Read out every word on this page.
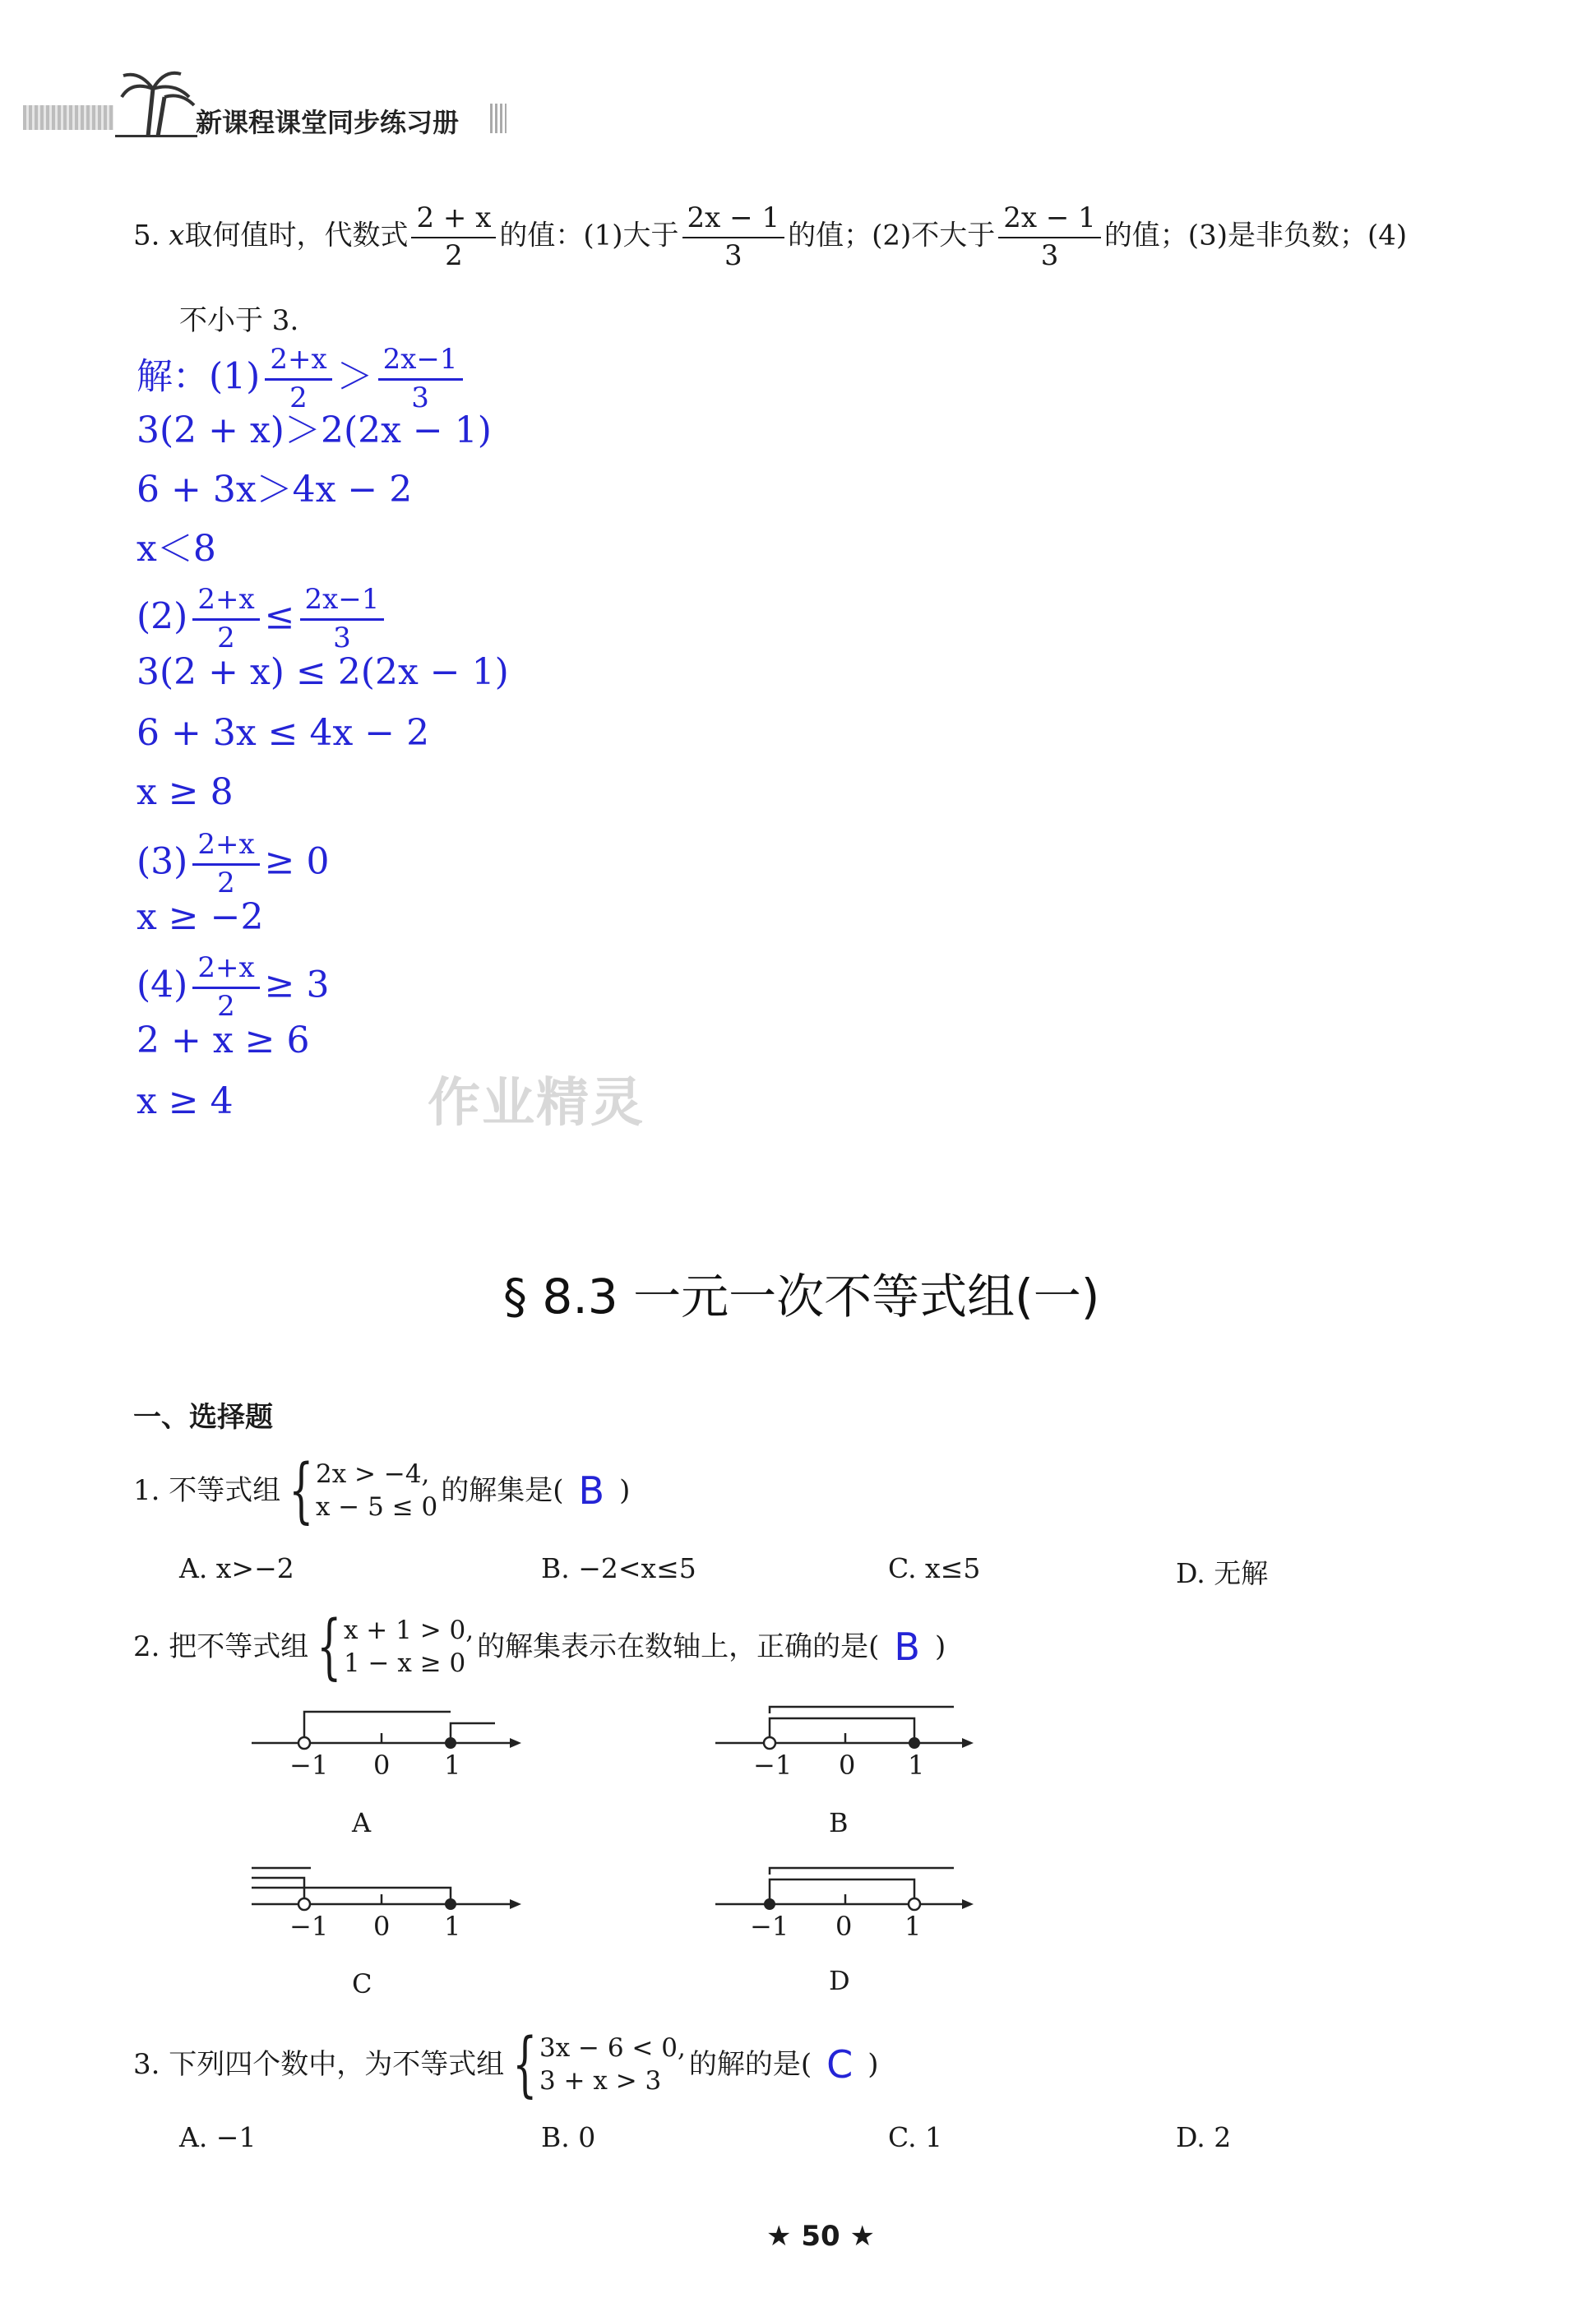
新课程课堂同步练习册
5. x取何值时，代数式 $\frac{2 + x}{2}$ 的值：(1)大于 $\frac{2x - 1}{3}$ 的值；(2)不大于 $\frac{2x - 1}{3}$ 的值；(3)是非负数；(4)
不小于 3.
解：$(1) \frac{2+x}{2} > \frac{2x-1}{3}$
3(2 + x)＞2(2x − 1)
6 + 3x＞4x − 2
x＜8
$(2) \frac{2+x}{2} \le \frac{2x-1}{3}$
3(2 + x) ≤ 2(2x − 1)
6 + 3x ≤ 4x − 2
x ≥ 8
$(3) \frac{2+x}{2} \ge 0$
x ≥ −2
$(4) \frac{2+x}{2} \ge 3$
2 + x ≥ 6
x ≥ 4	作业精灵
§ 8.3 一元一次不等式组(一)
一、选择题
1. 不等式组 { 2x > −4,
x − 5 ≤ 0 的解集是( B )
A. x>−2	B. −2<x≤5	C. x≤5	D. 无解
2. 把不等式组 { x + 1 > 0,
1 − x ≥ 0 的解集表示在数轴上，正确的是( B )
−1 0 1
A
−1 0 1
B
−1 0 1
C
−1 0 1
D
3. 下列四个数中，为不等式组 { 3x − 6 < 0,
3 + x > 3 的解的是( C )
A. −1	B. 0	C. 1	D. 2
★ 50 ★
